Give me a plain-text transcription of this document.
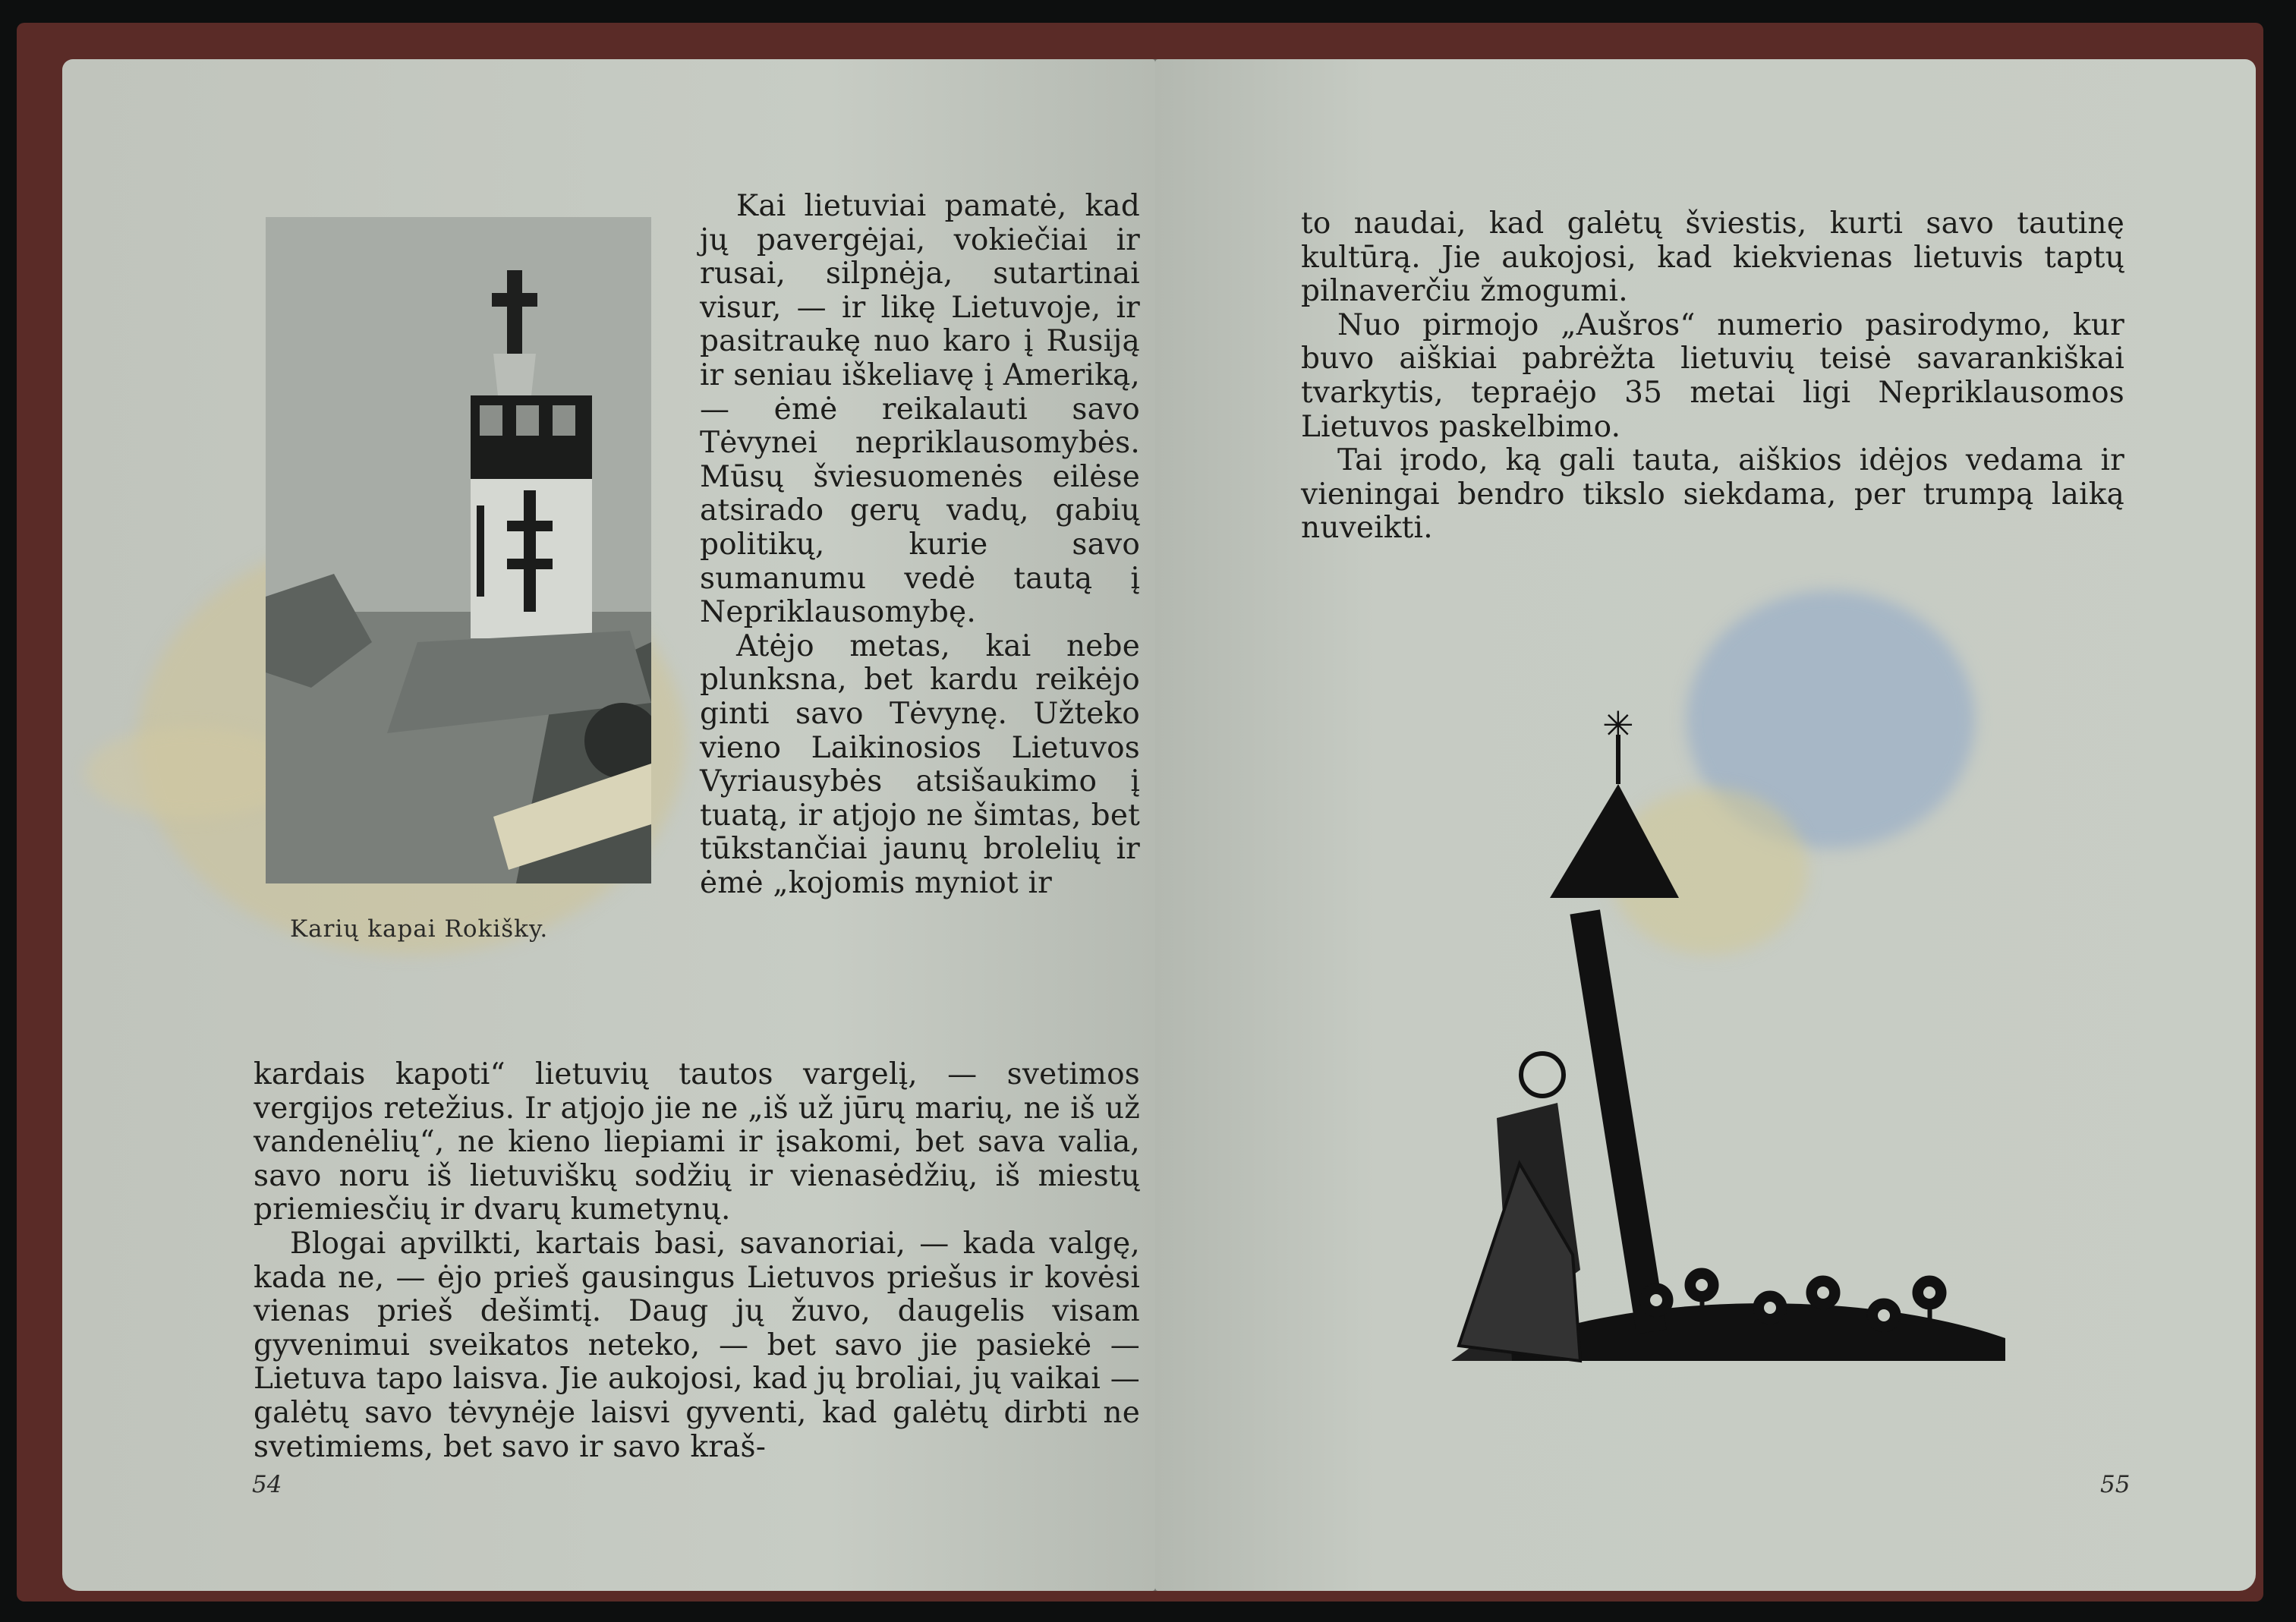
Karių kapai Rokišky.

Kai lietuviai pamatė, kad jų pavergėjai, vokiečiai ir rusai, silpnėja, sutartinai visur, — ir likę Lietuvoje, ir pasitraukę nuo karo į Rusiją ir seniau iškeliavę į Ameriką, — ėmė reikalauti savo Tėvynei nepriklausomybės. Mūsų šviesuomenės eilėse atsirado gerų vadų, gabių politikų, kurie savo sumanumu vedė tautą į Nepriklausomybę.

Atėjo metas, kai nebe plunksna, bet kardu reikėjo ginti savo Tėvynę. Užteko vieno Laikinosios Lietuvos Vyriausybės atsišaukimo į tuatą, ir atjojo ne šimtas, bet tūkstančiai jaunų brolelių ir ėmė „kojomis myniot ir

kardais kapoti“ lietuvių tautos vargelį, — svetimos vergijos retežius. Ir atjojo jie ne „iš už jūrų marių, ne iš už vandenėlių“, ne kieno liepiami ir įsakomi, bet sava valia, savo noru iš lietuviškų sodžių ir vienasėdžių, iš miestų priemiesčių ir dvarų kumetynų.

Blogai apvilkti, kartais basi, savanoriai, — kada valgę, kada ne, — ėjo prieš gausingus Lietuvos priešus ir kovėsi vienas prieš dešimtį. Daug jų žuvo, daugelis visam gyvenimui sveikatos neteko, — bet savo jie pasiekė — Lietuva tapo laisva. Jie aukojosi, kad jų broliai, jų vaikai — galėtų savo tėvynėje laisvi gyventi, kad galėtų dirbti ne svetimiems, bet savo ir savo kraš-

54

to naudai, kad galėtų šviestis, kurti savo tautinę kultūrą. Jie aukojosi, kad kiekvienas lietuvis taptų pilnaverčiu žmogumi.

Nuo pirmojo „Aušros“ numerio pasirodymo, kur buvo aiškiai pabrėžta lietuvių teisė savarankiškai tvarkytis, tepraėjo 35 metai ligi Nepriklausomos Lietuvos paskelbimo.

Tai įrodo, ką gali tauta, aiškios idėjos vedama ir vieningai bendro tikslo siekdama, per trumpą laiką nuveikti.

✳
55
